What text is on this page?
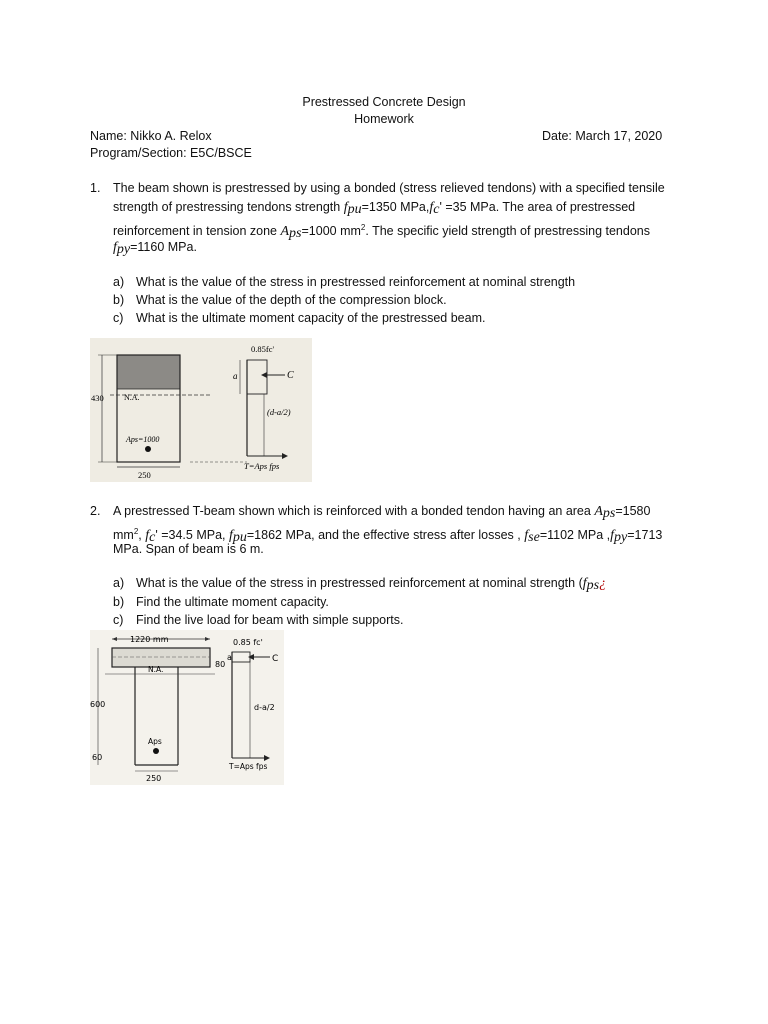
Prestressed Concrete Design
Homework
Name: Nikko A. Relox	Date: March 17, 2020
Program/Section: E5C/BSCE
1. The beam shown is prestressed by using a bonded (stress relieved tendons) with a specified tensile
strength of prestressing tendons strength $f_{pu}=1350$ $MPa,f_c' =35$ MPa. The area of prestressed
reinforcement in tension zone $A_{ps}=1000$ $mm^2$. The specific yield strength of prestressing tendons
$f_{py}=1160$ MPa.
a) What is the value of the stress in prestressed reinforcement at nominal strength
b) What is the value of the depth of the compression block.
c) What is the ultimate moment capacity of the prestressed beam.
0.85fc'
a	C
N.A.
430
(d-a/2)
Aps=1000
250
T=Aps fps
2. A prestressed T-beam shown which is reinforced with a bonded tendon having an area $A_{ps}=1580$
$mm^2$, $f_c' =34.5$ MPa, $f_{pu}=1862$ MPa, and the effective stress after losses , $f_{se}=1102$ MPa $,f_{py}=1713$
MPa. Span of beam is 6 m.
a) What is the value of the stress in prestressed reinforcement at nominal strength ($f_{ps}¿$
b) Find the ultimate moment capacity.
c) Find the live load for beam with simple supports.
1220 mm	0.85 fc'
80
a	C
N.A.
600	d-a/2
Aps
60
250
T=Aps fps
